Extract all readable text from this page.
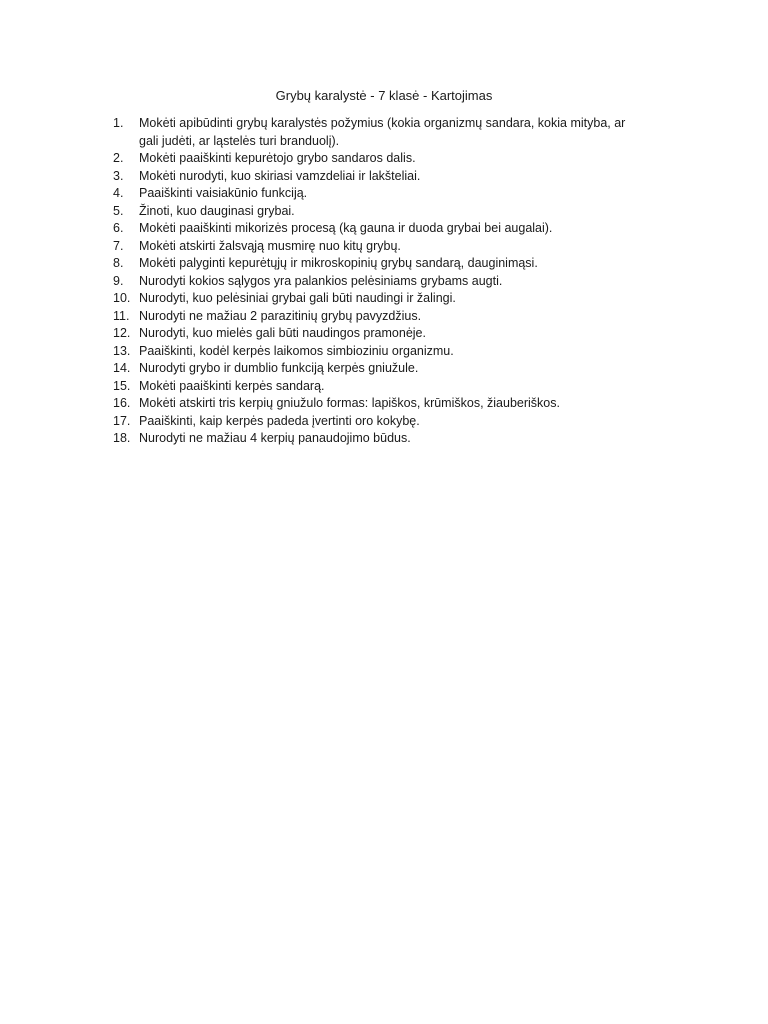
Grybų karalystė - 7 klasė - Kartojimas
1.	Mokėti apibūdinti grybų karalystės požymius (kokia organizmų sandara, kokia mityba, ar gali judėti, ar ląstelės turi branduolį).
2.	Mokėti paaiškinti kepurėtojo grybo sandaros dalis.
3.	Mokėti nurodyti, kuo skiriasi vamzdeliai ir lakšteliai.
4.	Paaiškinti vaisiakūnio funkciją.
5.	Žinoti, kuo dauginasi grybai.
6.	Mokėti paaiškinti mikorizės procesą (ką gauna ir duoda grybai bei augalai).
7.	Mokėti atskirti žalsvąją musmirę nuo kitų grybų.
8.	Mokėti palyginti kepurėtųjų ir mikroskopinių grybų sandarą, dauginimąsi.
9.	Nurodyti kokios sąlygos yra palankios pelėsiniams grybams augti.
10. Nurodyti, kuo pelėsiniai grybai gali būti naudingi ir žalingi.
11. Nurodyti ne mažiau 2 parazitinių grybų pavyzdžius.
12. Nurodyti, kuo mielės gali būti naudingos pramonėje.
13. Paaiškinti, kodėl kerpės laikomos simbioziniu organizmu.
14. Nurodyti grybo ir dumblio funkciją kerpės gniužule.
15. Mokėti paaiškinti kerpės sandarą.
16. Mokėti atskirti tris kerpių gniužulo formas: lapiškos, krūmiškos, žiauberiškos.
17. Paaiškinti, kaip kerpės padeda įvertinti oro kokybę.
18. Nurodyti ne mažiau 4 kerpių panaudojimo būdus.
